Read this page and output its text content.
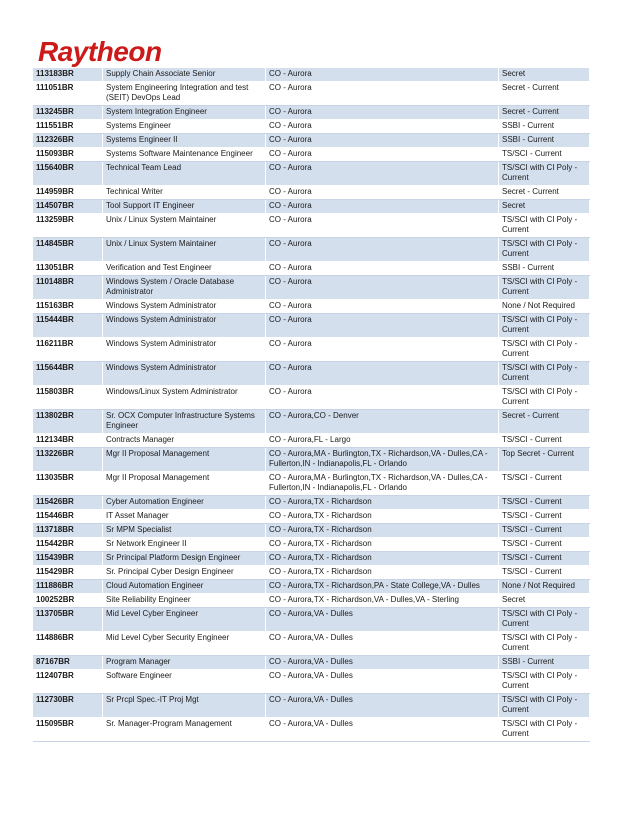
Raytheon
113183BR	Supply Chain Associate Senior	CO - Aurora	Secret
111051BR	System Engineering Integration and test (SEIT) DevOps Lead	CO - Aurora	Secret - Current
113245BR	System Integration Engineer	CO - Aurora	Secret - Current
111551BR	Systems Engineer	CO - Aurora	SSBI - Current
112326BR	Systems Engineer II	CO - Aurora	SSBI - Current
115093BR	Systems Software Maintenance Engineer	CO - Aurora	TS/SCI - Current
115640BR	Technical Team Lead	CO - Aurora	TS/SCI with CI Poly - Current
114959BR	Technical Writer	CO - Aurora	Secret - Current
114507BR	Tool Support IT Engineer	CO - Aurora	Secret
113259BR	Unix / Linux System Maintainer	CO - Aurora	TS/SCI with CI Poly - Current
114845BR	Unix / Linux System Maintainer	CO - Aurora	TS/SCI with CI Poly - Current
113051BR	Verification and Test Engineer	CO - Aurora	SSBI - Current
110148BR	Windows System / Oracle Database Administrator	CO - Aurora	TS/SCI with CI Poly - Current
115163BR	Windows System Administrator	CO - Aurora	None / Not Required
115444BR	Windows System Administrator	CO - Aurora	TS/SCI with CI Poly - Current
116211BR	Windows System Administrator	CO - Aurora	TS/SCI with CI Poly - Current
115644BR	Windows System Administrator	CO - Aurora	TS/SCI with CI Poly - Current
115803BR	Windows/Linux System Administrator	CO - Aurora	TS/SCI with CI Poly - Current
113802BR	Sr. OCX Computer Infrastructure Systems Engineer	CO - Aurora,CO - Denver	Secret - Current
112134BR	Contracts Manager	CO - Aurora,FL - Largo	TS/SCI - Current
113226BR	Mgr II Proposal Management	CO - Aurora,MA - Burlington,TX - Richardson,VA - Dulles,CA - Fullerton,IN - Indianapolis,FL - Orlando	Top Secret - Current
113035BR	Mgr II Proposal Management	CO - Aurora,MA - Burlington,TX - Richardson,VA - Dulles,CA - Fullerton,IN - Indianapolis,FL - Orlando	TS/SCI - Current
115426BR	Cyber Automation Engineer	CO - Aurora,TX - Richardson	TS/SCI - Current
115446BR	IT Asset Manager	CO - Aurora,TX - Richardson	TS/SCI - Current
113718BR	Sr MPM Specialist	CO - Aurora,TX - Richardson	TS/SCI - Current
115442BR	Sr Network Engineer II	CO - Aurora,TX - Richardson	TS/SCI - Current
115439BR	Sr Principal Platform Design Engineer	CO - Aurora,TX - Richardson	TS/SCI - Current
115429BR	Sr. Principal Cyber Design Engineer	CO - Aurora,TX - Richardson	TS/SCI - Current
111886BR	Cloud Automation Engineer	CO - Aurora,TX - Richardson,PA - State College,VA - Dulles	None / Not Required
100252BR	Site Reliability Engineer	CO - Aurora,TX - Richardson,VA - Dulles,VA - Sterling	Secret
113705BR	Mid Level Cyber Engineer	CO - Aurora,VA - Dulles	TS/SCI with CI Poly - Current
114886BR	Mid Level Cyber Security Engineer	CO - Aurora,VA - Dulles	TS/SCI with CI Poly - Current
87167BR	Program Manager	CO - Aurora,VA - Dulles	SSBI - Current
112407BR	Software Engineer	CO - Aurora,VA - Dulles	TS/SCI with CI Poly - Current
112730BR	Sr Prcpl Spec.-IT Proj Mgt	CO - Aurora,VA - Dulles	TS/SCI with CI Poly - Current
115095BR	Sr. Manager-Program Management	CO - Aurora,VA - Dulles	TS/SCI with CI Poly - Current
